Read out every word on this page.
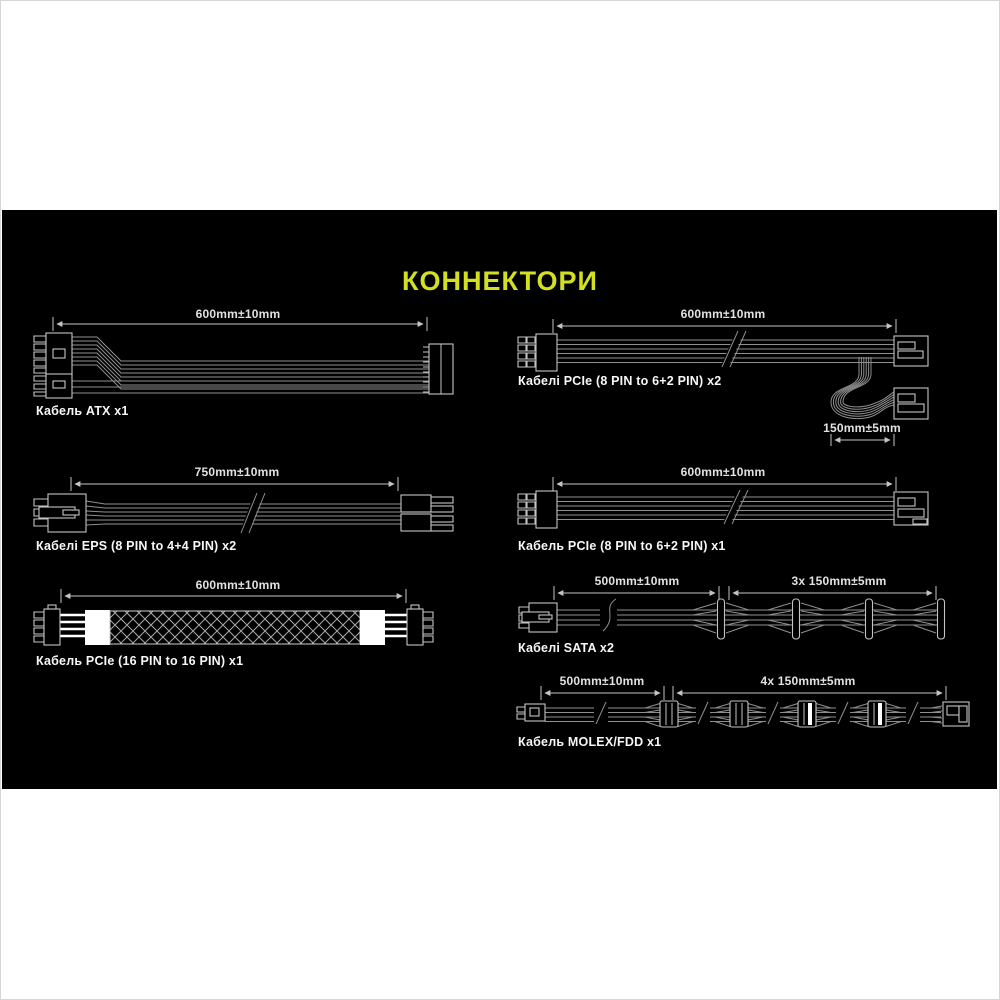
КОННЕКТОРИ
600mm±10mm
750mm±10mm
600mm±10mm
600mm±10mm
150mm±5mm
600mm±10mm
500mm±10mm	3x 150mm±5mm
500mm±10mm	4x 150mm±5mm
Кабель ATX x1
Кабелі EPS (8 PIN to 4+4 PIN) x2
Кабель PCIe (16 PIN to 16 PIN) x1
Кабелі PCIe (8 PIN to 6+2 PIN) x2
Кабель PCIe (8 PIN to 6+2 PIN) x1
Кабелі SATA x2
Кабель MOLEX/FDD x1
